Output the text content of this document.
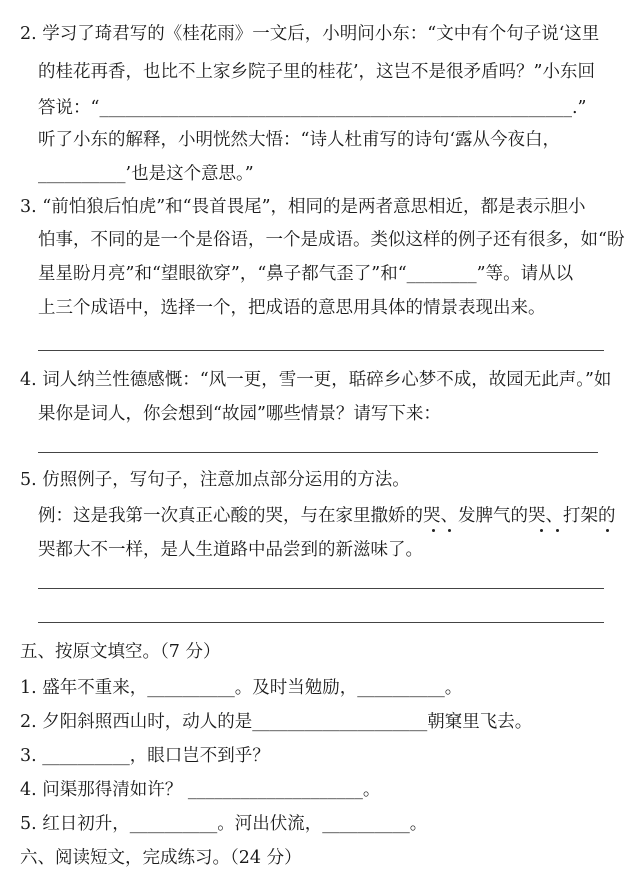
2. 学习了琦君写的《桂花雨》一文后，小明问小东：“文中有个句子说‘这里
的桂花再香，也比不上家乡院子里的桂花’，这岂不是很矛盾吗？”小东回
答说：“______________________________________________________.”
听了小东的解释，小明恍然大悟：“诗人杜甫写的诗句‘露从今夜白，
__________’也是这个意思。”
3. “前怕狼后怕虎”和“畏首畏尾”，相同的是两者意思相近，都是表示胆小
怕事，不同的是一个是俗语，一个是成语。类似这样的例子还有很多，如“盼
星星盼月亮”和“望眼欲穿”，“鼻子都气歪了”和“________”等。请从以
上三个成语中，选择一个，把成语的意思用具体的情景表现出来。
4. 词人纳兰性德感慨：“风一更，雪一更，聒碎乡心梦不成，故园无此声。”如
果你是词人，你会想到“故园”哪些情景？请写下来：
5. 仿照例子，写句子，注意加点部分运用的方法。
例：这是我第一次真正心酸的哭，与在家里撒娇的哭、发脾气的哭、打架的
哭都大不一样，是人生道路中品尝到的新滋味了。
五、按原文填空。（7 分）
1. 盛年不重来，__________。及时当勉励，__________。
2. 夕阳斜照西山时，动人的是____________________朝窠里飞去。
3. __________，眼口岂不到乎？
4. 问渠那得清如许？ ____________________。
5. 红日初升，__________。河出伏流，__________。
六、阅读短文，完成练习。（24 分）
